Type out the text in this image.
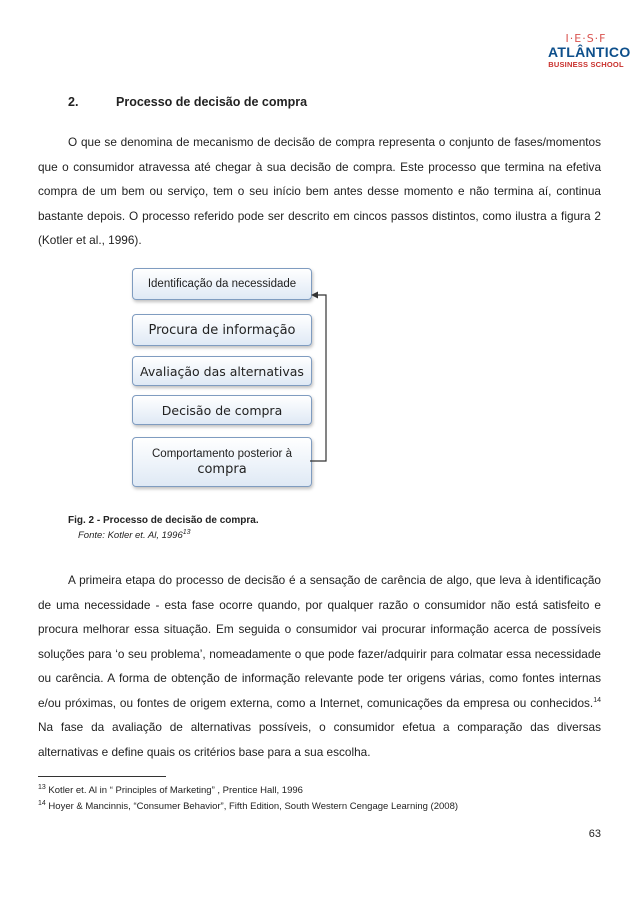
I·E·S·F
ATLÂNTICO
BUSINESS SCHOOL
2.	Processo de decisão de compra

O que se denomina de mecanismo de decisão de compra representa o conjunto de fases/momentos que o consumidor atravessa até chegar à sua decisão de compra. Este processo que termina na efetiva compra de um bem ou serviço, tem o seu início bem antes desse momento e não termina aí, continua bastante depois. O processo referido pode ser descrito em cincos passos distintos, como ilustra a figura 2 (Kotler et al., 1996).

Identificação da necessidade
Procura de informação
Avaliação das alternativas
Decisão de compra
Comportamento posterior à
compra
Fig. 2 - Processo de decisão de compra.
Fonte: Kotler et. Al, 1996$^{13}$

A primeira etapa do processo de decisão é a sensação de carência de algo, que leva à identificação de uma necessidade - esta fase ocorre quando, por qualquer razão o consumidor não está satisfeito e procura melhorar essa situação. Em seguida o consumidor vai procurar informação acerca de possíveis soluções para ‘o seu problema’, nomeadamente o que pode fazer/adquirir para colmatar essa necessidade ou carência. A forma de obtenção de informação relevante pode ter origens várias, como fontes internas e/ou próximas, ou fontes de origem externa, como a Internet, comunicações da empresa ou conhecidos.$^{14}$ Na fase da avaliação de alternativas possíveis, o consumidor efetua a comparação das diversas alternativas e define quais os critérios base para a sua escolha.

$^{13}$ Kotler et. Al in “ Principles of Marketing” , Prentice Hall, 1996
$^{14}$ Hoyer & Mancinnis, “Consumer Behavior”, Fifth Edition, South Western Cengage Learning (2008)
63
